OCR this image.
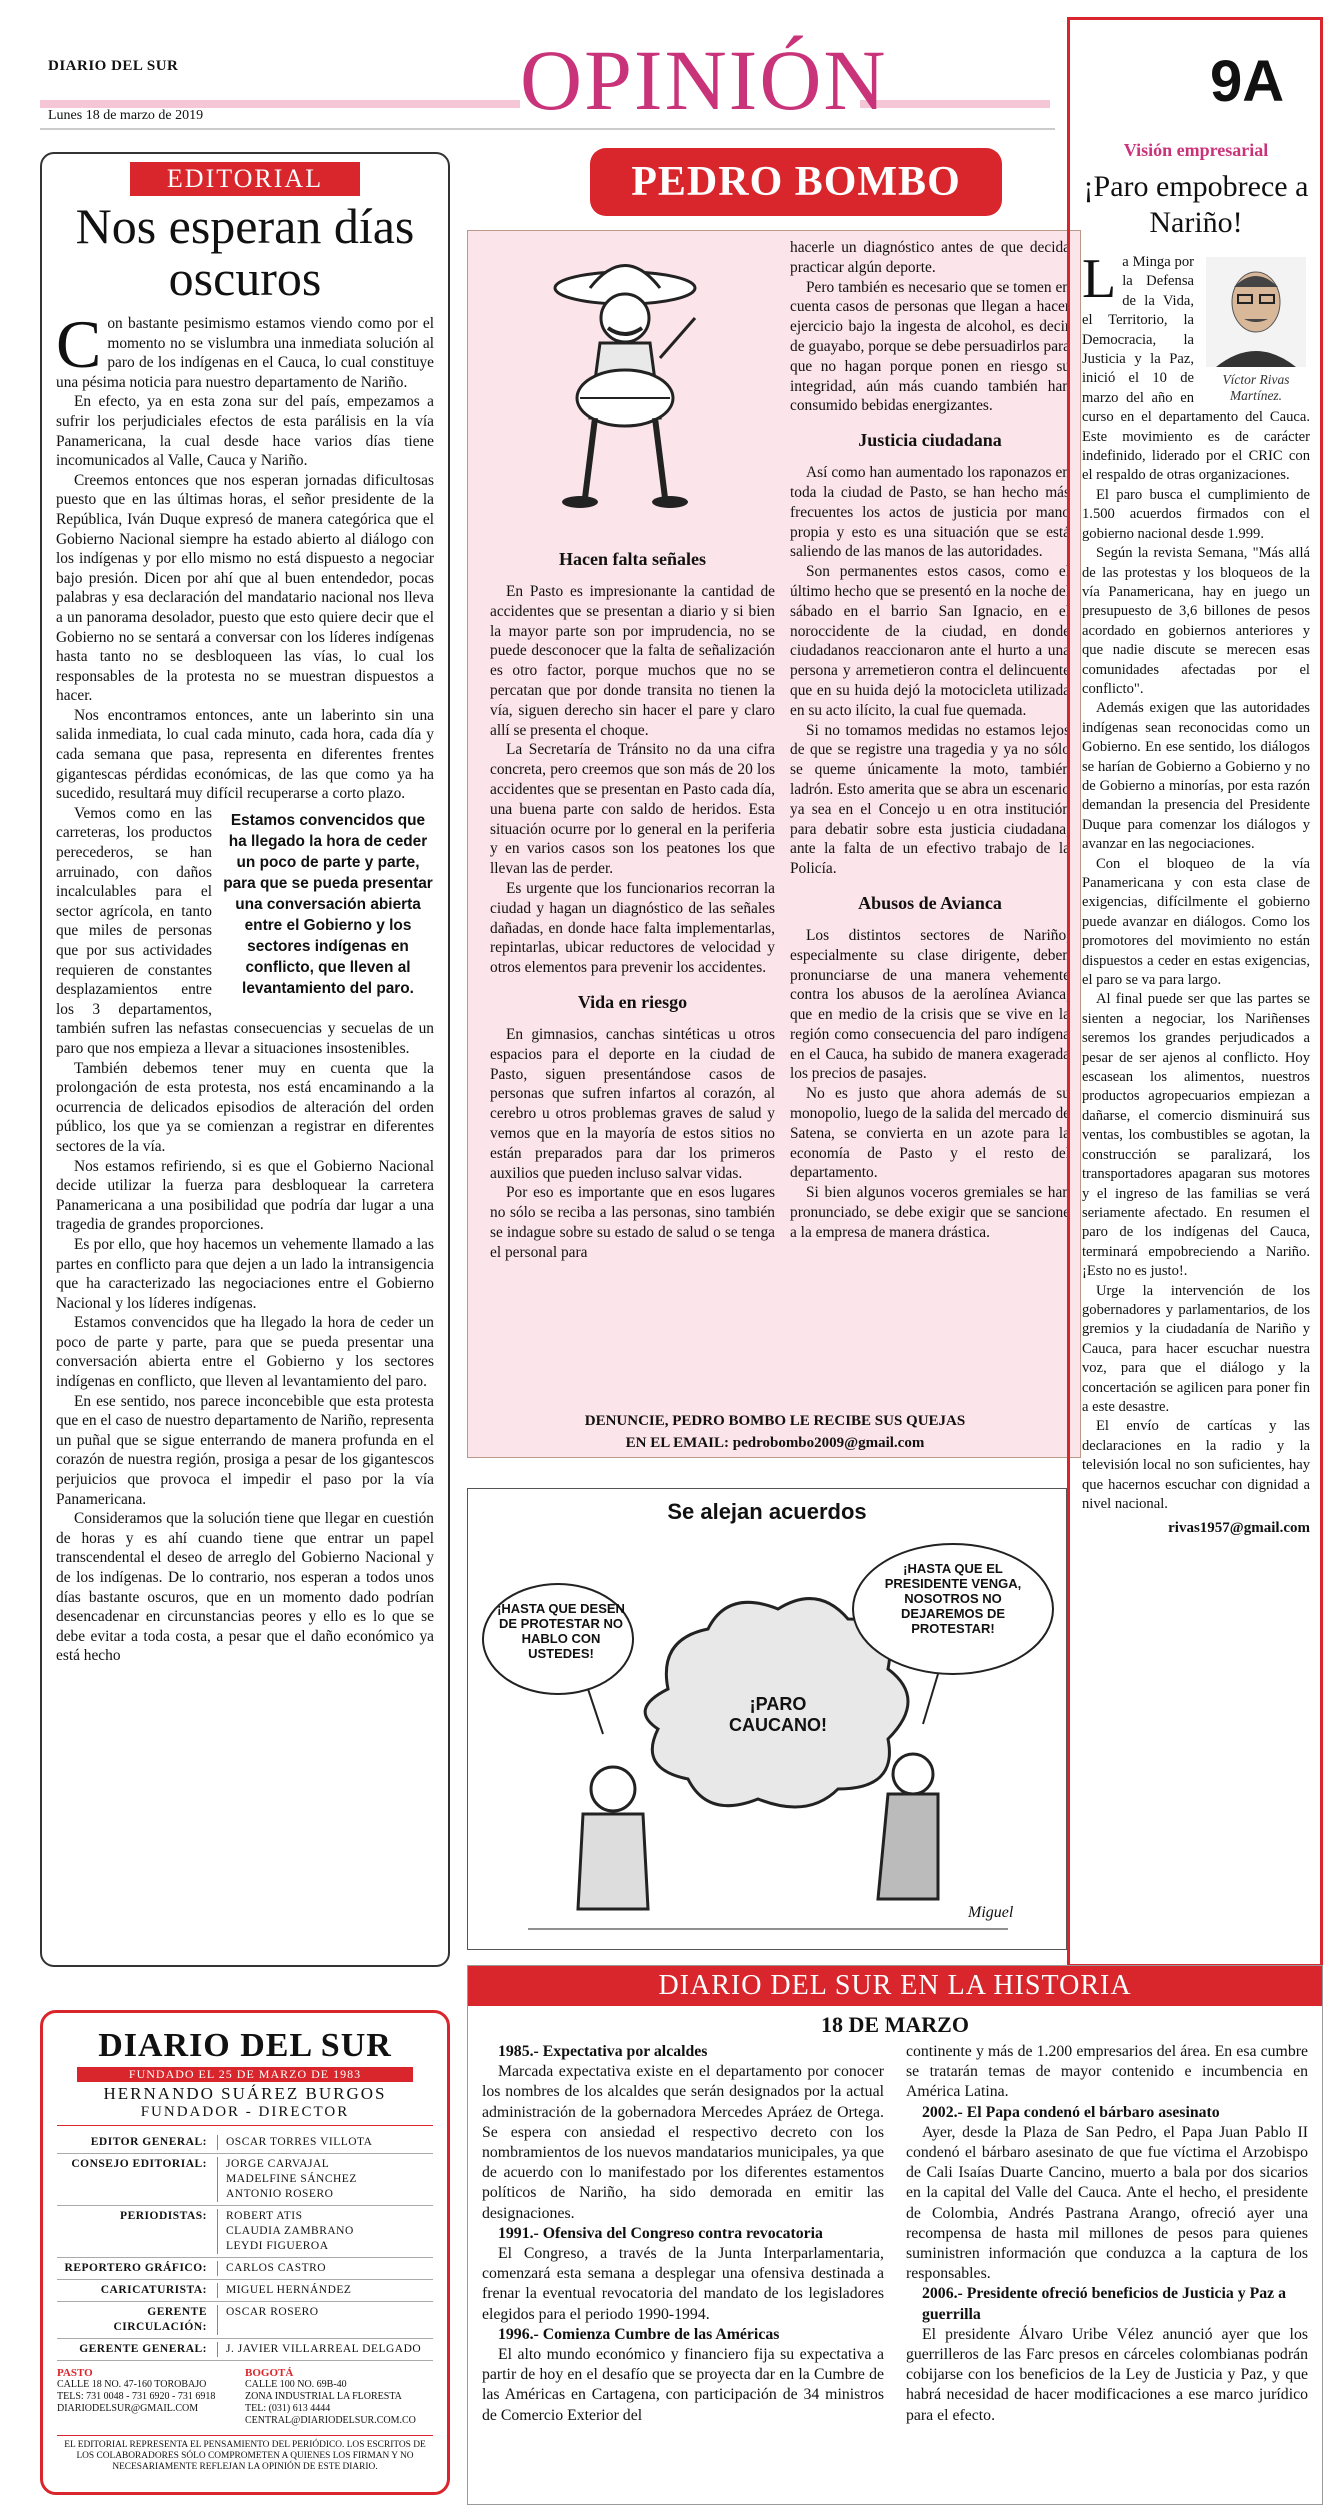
DIARIO DEL SUR
Lunes 18 de marzo de 2019	OPINIÓN	9A
EDITORIAL
Nos esperan días oscuros

Con bastante pesimismo estamos viendo como por el momento no se vislumbra una inmediata solución al paro de los indígenas en el Cauca, lo cual constituye una pésima noticia para nuestro departamento de Nariño.

En efecto, ya en esta zona sur del país, empezamos a sufrir los perjudiciales efectos de esta parálisis en la vía Panamericana, la cual desde hace varios días tiene incomunicados al Valle, Cauca y Nariño.

Creemos entonces que nos esperan jornadas dificultosas puesto que en las últimas horas, el señor presidente de la República, Iván Duque expresó de manera categórica que el Gobierno Nacional siempre ha estado abierto al diálogo con los indígenas y por ello mismo no está dispuesto a negociar bajo presión. Dicen por ahí que al buen entendedor, pocas palabras y esa declaración del mandatario nacional nos lleva a un panorama desolador, puesto que esto quiere decir que el Gobierno no se sentará a conversar con los líderes indígenas hasta tanto no se desbloqueen las vías, lo cual los responsables de la protesta no se muestran dispuestos a hacer.

Nos encontramos entonces, ante un laberinto sin una salida inmediata, lo cual cada minuto, cada hora, cada día y cada semana que pasa, representa en diferentes frentes gigantescas pérdidas económicas, de las que como ya ha sucedido, resultará muy difícil recuperarse a corto plazo.

Estamos convencidos que ha llegado la hora de ceder un poco de parte y parte, para que se pueda presentar una conversación abierta entre el Gobierno y los sectores indígenas en conflicto, que lleven al levantamiento del paro.

Vemos como en las carreteras, los productos perecederos, se han arruinado, con daños incalculables para el sector agrícola, en tanto que miles de personas que por sus actividades requieren de constantes desplazamientos entre los 3 departamentos, también sufren las nefastas consecuencias y secuelas de un paro que nos empieza a llevar a situaciones insostenibles.

También debemos tener muy en cuenta que la prolongación de esta protesta, nos está encaminando a la ocurrencia de delicados episodios de alteración del orden público, los que ya se comienzan a registrar en diferentes sectores de la vía.

Nos estamos refiriendo, si es que el Gobierno Nacional decide utilizar la fuerza para desbloquear la carretera Panamericana a una posibilidad que podría dar lugar a una tragedia de grandes proporciones.

Es por ello, que hoy hacemos un vehemente llamado a las partes en conflicto para que dejen a un lado la intransigencia que ha caracterizado las negociaciones entre el Gobierno Nacional y los líderes indígenas.

Estamos convencidos que ha llegado la hora de ceder un poco de parte y parte, para que se pueda presentar una conversación abierta entre el Gobierno y los sectores indígenas en conflicto, que lleven al levantamiento del paro.

En ese sentido, nos parece inconcebible que esta protesta que en el caso de nuestro departamento de Nariño, representa un puñal que se sigue enterrando de manera profunda en el corazón de nuestra región, prosiga a pesar de los gigantescos perjuicios que provoca el impedir el paso por la vía Panamericana.

Consideramos que la solución tiene que llegar en cuestión de horas y es ahí cuando tiene que entrar un papel transcendental el deseo de arreglo del Gobierno Nacional y de los indígenas. De lo contrario, nos esperan a todos unos días bastante oscuros, que en un momento dado podrían desencadenar en circunstancias peores y ello es lo que se debe evitar a toda costa, a pesar que el daño económico ya está hecho

PEDRO BOMBO
Hacen falta señales

En Pasto es impresionante la cantidad de accidentes que se presentan a diario y si bien la mayor parte son por imprudencia, no se puede desconocer que la falta de señalización es otro factor, porque muchos que no se percatan que por donde transita no tienen la vía, siguen derecho sin hacer el pare y claro allí se presenta el choque.

La Secretaría de Tránsito no da una cifra concreta, pero creemos que son más de 20 los accidentes que se presentan en Pasto cada día, una buena parte con saldo de heridos. Esta situación ocurre por lo general en la periferia y en varios casos son los peatones los que llevan las de perder.

Es urgente que los funcionarios recorran la ciudad y hagan un diagnóstico de las señales dañadas, en donde hace falta implementarlas, repintarlas, ubicar reductores de velocidad y otros elementos para prevenir los accidentes.

Vida en riesgo

En gimnasios, canchas sintéticas u otros espacios para el deporte en la ciudad de Pasto, siguen presentándose casos de personas que sufren infartos al corazón, al cerebro u otros problemas graves de salud y vemos que en la mayoría de estos sitios no están preparados para dar los primeros auxilios que pueden incluso salvar vidas.

Por eso es importante que en esos lugares no sólo se reciba a las personas, sino también se indague sobre su estado de salud o se tenga el personal para

hacerle un diagnóstico antes de que decida practicar algún deporte.

Pero también es necesario que se tomen en cuenta casos de personas que llegan a hacer ejercicio bajo la ingesta de alcohol, es decir de guayabo, porque se debe persuadirlos para que no hagan porque ponen en riesgo su integridad, aún más cuando también han consumido bebidas energizantes.

Justicia ciudadana

Así como han aumentado los raponazos en toda la ciudad de Pasto, se han hecho más frecuentes los actos de justicia por mano propia y esto es una situación que se está saliendo de las manos de las autoridades.

Son permanentes estos casos, como el último hecho que se presentó en la noche del sábado en el barrio San Ignacio, en el noroccidente de la ciudad, en donde ciudadanos reaccionaron ante el hurto a una persona y arremetieron contra el delincuente que en su huida dejó la motocicleta utilizada en su acto ilícito, la cual fue quemada.

Si no tomamos medidas no estamos lejos de que se registre una tragedia y ya no sólo se queme únicamente la moto, también ladrón. Esto amerita que se abra un escenario ya sea en el Concejo u en otra institución para debatir sobre esta justicia ciudadana, ante la falta de un efectivo trabajo de la Policía.

Abusos de Avianca

Los distintos sectores de Nariño, especialmente su clase dirigente, deben pronunciarse de una manera vehemente contra los abusos de la aerolínea Avianca, que en medio de la crisis que se vive en la región como consecuencia del paro indígena en el Cauca, ha subido de manera exagerada los precios de pasajes.

No es justo que ahora además de su monopolio, luego de la salida del mercado de Satena, se convierta en un azote para la economía de Pasto y el resto del departamento.

Si bien algunos voceros gremiales se han pronunciado, se debe exigir que se sancione a la empresa de manera drástica.

DENUNCIE, PEDRO BOMBO LE RECIBE SUS QUEJAS
EN EL EMAIL: pedrobombo2009@gmail.com
Se alejan acuerdos
¡HASTA QUE DESEN DE PROTESTAR NO HABLO CON USTEDES!
¡HASTA QUE EL PRESIDENTE VENGA, NOSOTROS NO DEJAREMOS DE PROTESTAR!
¡PARO CAUCANO!
Miguel
Visión empresarial
¡Paro empobrece a Nariño!
Víctor Rivas Martínez.

La Minga por la Defensa de la Vida, el Territorio, la Democracia, la Justicia y la Paz, inició el 10 de marzo del año en curso en el departamento del Cauca. Este movimiento es de carácter indefinido, liderado por el CRIC con el respaldo de otras organizaciones.

El paro busca el cumplimiento de 1.500 acuerdos firmados con el gobierno nacional desde 1.999.

Según la revista Semana, "Más allá de las protestas y los bloqueos de la vía Panamericana, hay en juego un presupuesto de 3,6 billones de pesos acordado en gobiernos anteriores y que nadie discute se merecen esas comunidades afectadas por el conflicto".

Además exigen que las autoridades indígenas sean reconocidas como un Gobierno. En ese sentido, los diálogos se harían de Gobierno a Gobierno y no de Gobierno a minorías, por esta razón demandan la presencia del Presidente Duque para comenzar los diálogos y avanzar en las negociaciones.

Con el bloqueo de la vía Panamericana y con esta clase de exigencias, difícilmente el gobierno puede avanzar en diálogos. Como los promotores del movimiento no están dispuestos a ceder en estas exigencias, el paro se va para largo.

Al final puede ser que las partes se sienten a negociar, los Nariñenses seremos los grandes perjudicados a pesar de ser ajenos al conflicto. Hoy escasean los alimentos, nuestros productos agropecuarios empiezan a dañarse, el comercio disminuirá sus ventas, los combustibles se agotan, la construcción se paralizará, los transportadores apagaran sus motores y el ingreso de las familias se verá seriamente afectado. En resumen el paro de los indígenas del Cauca, terminará empobreciendo a Nariño. ¡Esto no es justo!.

Urge la intervención de los gobernadores y parlamentarios, de los gremios y la ciudadanía de Nariño y Cauca, para hacer escuchar nuestra voz, para que el diálogo y la concertación se agilicen para poner fin a este desastre.

El envío de cartícas y las declaraciones en la radio y la televisión local no son suficientes, hay que hacernos escuchar con dignidad a nivel nacional.

rivas1957@gmail.com
DIARIO DEL SUR
FUNDADO EL 25 DE MARZO DE 1983
HERNANDO SUÁREZ BURGOS
FUNDADOR - DIRECTOR
EDITOR GENERAL:	OSCAR TORRES VILLOTA
CONSEJO EDITORIAL:	JORGE CARVAJAL
MADELFINE SÁNCHEZ
ANTONIO ROSERO
PERIODISTAS:	ROBERT ATIS
CLAUDIA ZAMBRANO
LEYDI FIGUEROA
REPORTERO GRÁFICO:	CARLOS CASTRO
CARICATURISTA:	MIGUEL HERNÁNDEZ
GERENTE CIRCULACIÓN:
OSCAR ROSERO
GERENTE GENERAL:	J. JAVIER VILLARREAL DELGADO
PASTO
CALLE 18 NO. 47-160 TOROBAJO
TELS: 731 0048 - 731 6920 - 731 6918
DIARIODELSUR@GMAIL.COM
BOGOTÁ
CALLE 100 NO. 69B-40
ZONA INDUSTRIAL LA FLORESTA
TEL: (031) 613 4444
CENTRAL@DIARIODELSUR.COM.CO
EL EDITORIAL REPRESENTA EL PENSAMIENTO DEL PERIÓDICO. LOS ESCRITOS DE LOS COLABORADORES SÓLO COMPROMETEN A QUIENES LOS FIRMAN Y NO NECESARIAMENTE REFLEJAN LA OPINIÓN DE ESTE DIARIO.
DIARIO DEL SUR EN LA HISTORIA
18 DE MARZO
1985.- Expectativa por alcaldes

Marcada expectativa existe en el departamento por conocer los nombres de los alcaldes que serán designados por la actual administración de la gobernadora Mercedes Apráez de Ortega. Se espera con ansiedad el respectivo decreto con los nombramientos de los nuevos mandatarios municipales, ya que de acuerdo con lo manifestado por los diferentes estamentos políticos de Nariño, ha sido demorada en emitir las designaciones.

1991.- Ofensiva del Congreso contra revocatoria

El Congreso, a través de la Junta Interparlamentaria, comenzará esta semana a desplegar una ofensiva destinada a frenar la eventual revocatoria del mandato de los legisladores elegidos para el periodo 1990-1994.

1996.- Comienza Cumbre de las Américas

El alto mundo económico y financiero fija su expectativa a partir de hoy en el desafío que se proyecta dar en la Cumbre de las Américas en Cartagena, con participación de 34 ministros de Comercio Exterior del

continente y más de 1.200 empresarios del área. En esa cumbre se tratarán temas de mayor contenido e incumbencia en América Latina.

2002.- El Papa condenó el bárbaro asesinato

Ayer, desde la Plaza de San Pedro, el Papa Juan Pablo II condenó el bárbaro asesinato de que fue víctima el Arzobispo de Cali Isaías Duarte Cancino, muerto a bala por dos sicarios en la capital del Valle del Cauca. Ante el hecho, el presidente de Colombia, Andrés Pastrana Arango, ofreció ayer una recompensa de hasta mil millones de pesos para quienes suministren información que conduzca a la captura de los responsables.

2006.- Presidente ofreció beneficios de Justicia y Paz a guerrilla

El presidente Álvaro Uribe Vélez anunció ayer que los guerrilleros de las Farc presos en cárceles colombianas podrán cobijarse con los beneficios de la Ley de Justicia y Paz, y que habrá necesidad de hacer modificaciones a ese marco jurídico para el efecto.
